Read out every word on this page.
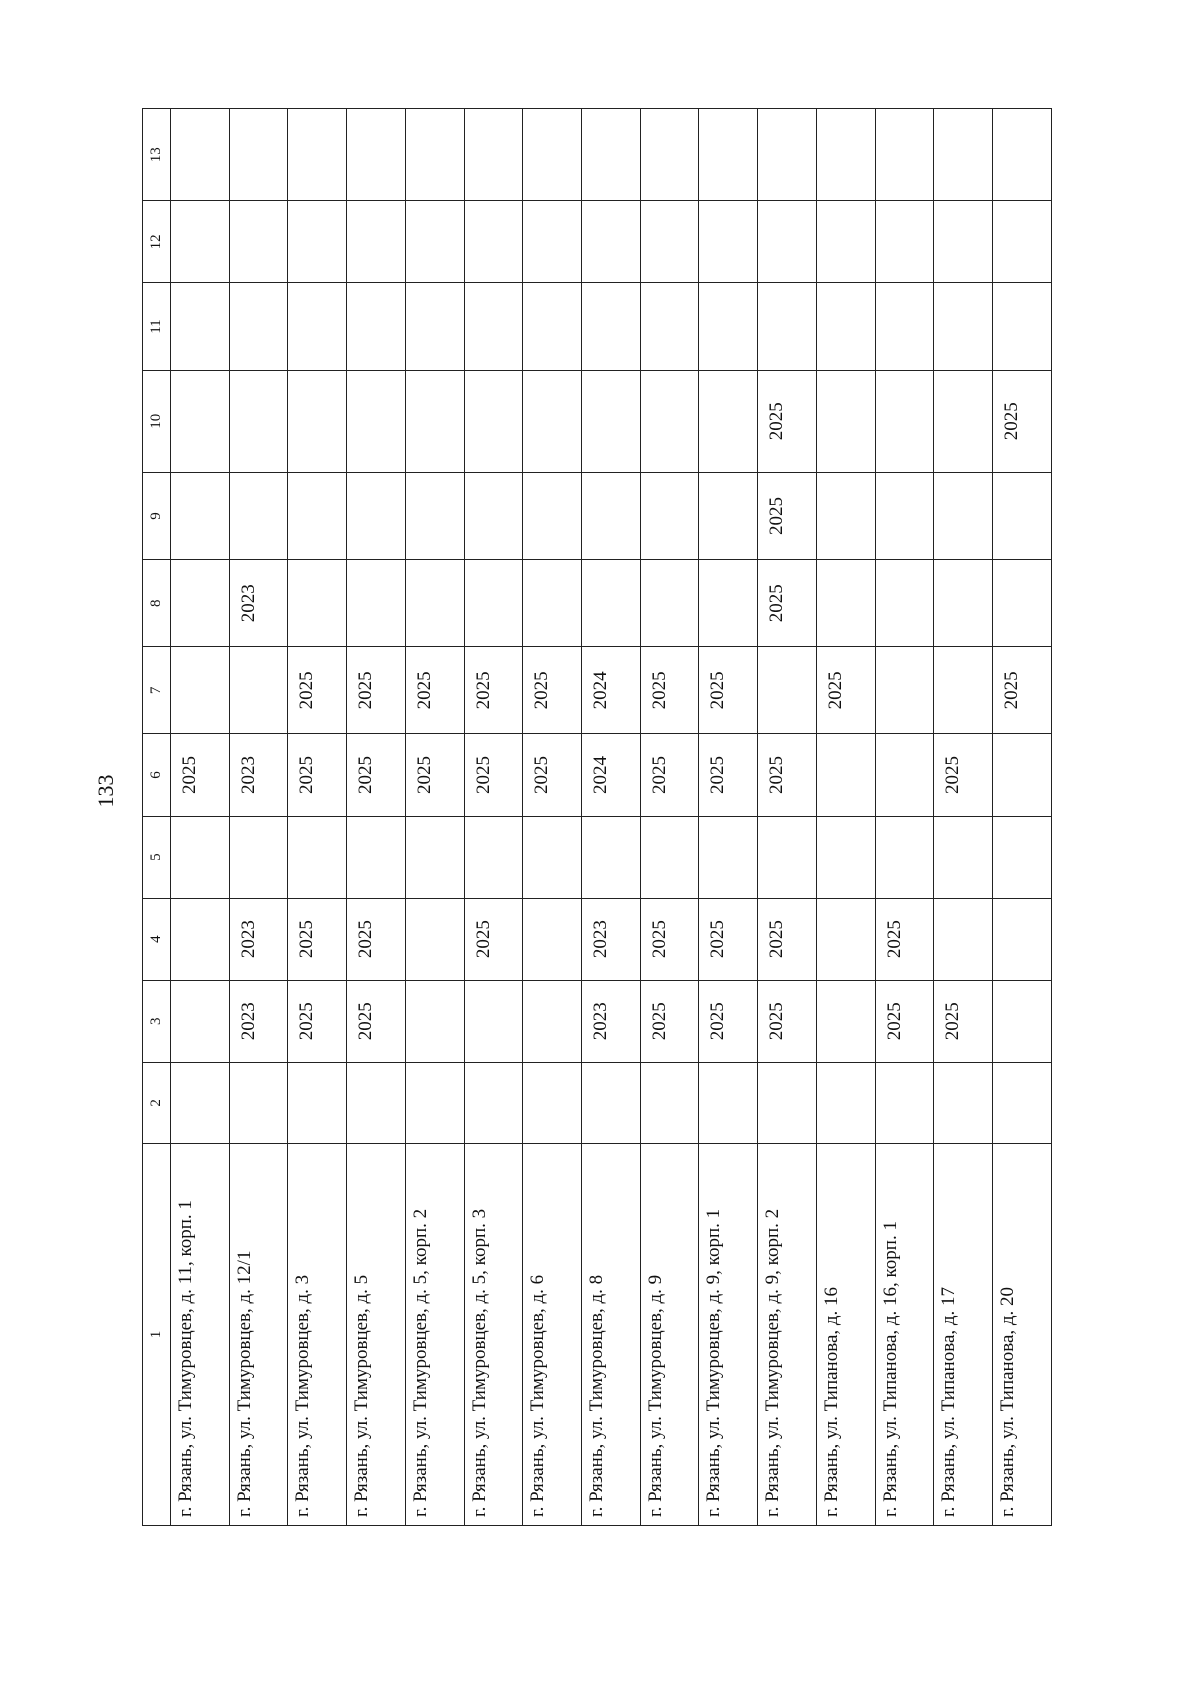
133
1	2	3	4	5	6	7	8	9	10	11	12	13
г. Рязань, ул. Тимуровцев, д. 11, корп. 1					2025							
г. Рязань, ул. Тимуровцев, д. 12/1		2023	2023		2023		2023					
г. Рязань, ул. Тимуровцев, д. 3		2025	2025		2025	2025						
г. Рязань, ул. Тимуровцев, д. 5		2025	2025		2025	2025						
г. Рязань, ул. Тимуровцев, д. 5, корп. 2					2025	2025						
г. Рязань, ул. Тимуровцев, д. 5, корп. 3			2025		2025	2025						
г. Рязань, ул. Тимуровцев, д. 6					2025	2025						
г. Рязань, ул. Тимуровцев, д. 8		2023	2023		2024	2024						
г. Рязань, ул. Тимуровцев, д. 9		2025	2025		2025	2025						
г. Рязань, ул. Тимуровцев, д. 9, корп. 1		2025	2025		2025	2025						
г. Рязань, ул. Тимуровцев, д. 9, корп. 2		2025	2025		2025		2025	2025	2025			
г. Рязань, ул. Типанова, д. 16						2025						
г. Рязань, ул. Типанова, д. 16, корп. 1		2025	2025									
г. Рязань, ул. Типанова, д. 17		2025			2025							
г. Рязань, ул. Типанова, д. 20						2025			2025			
